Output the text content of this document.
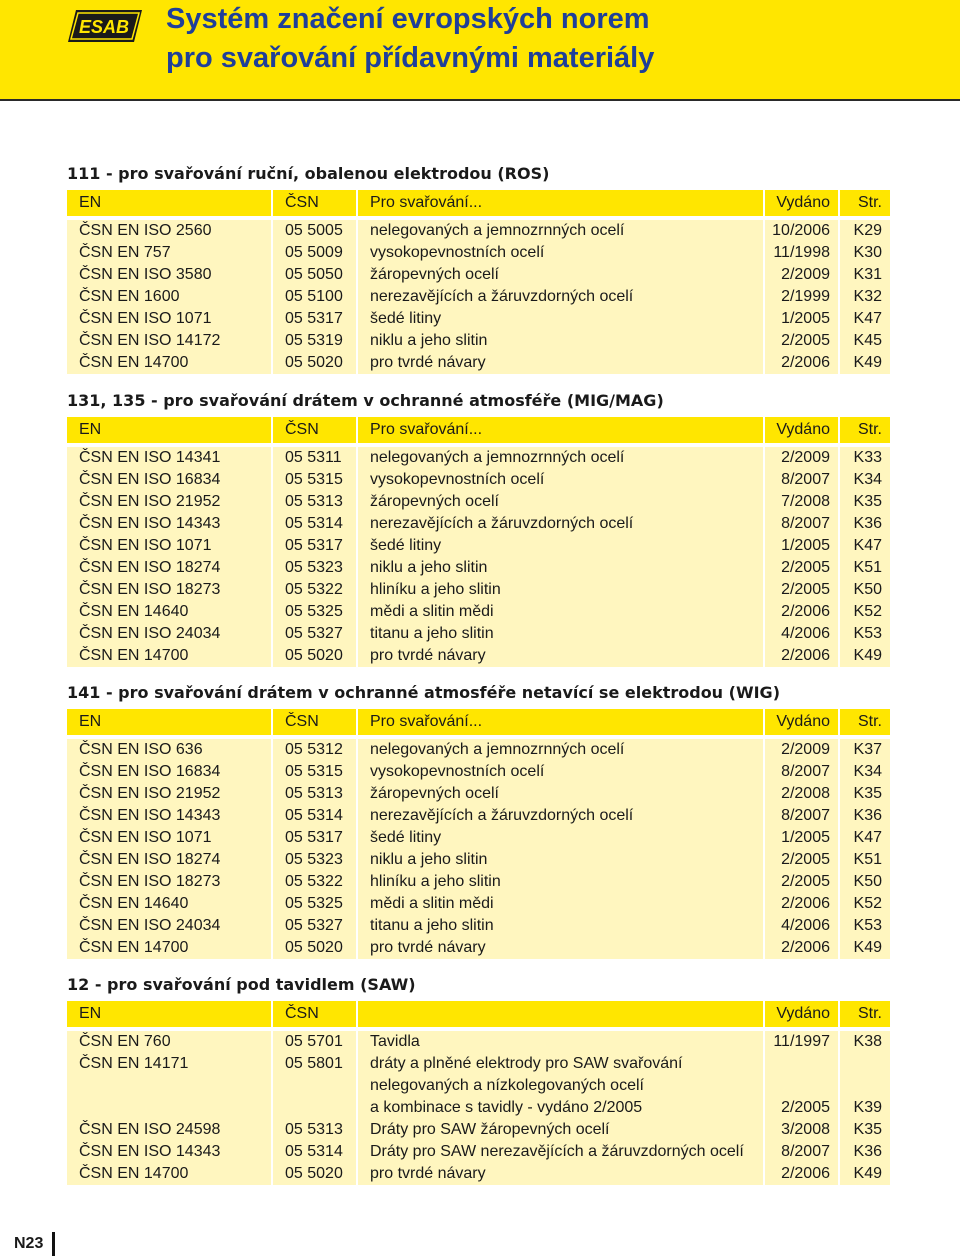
ESAB Systém značení evropských norem
pro svařování přídavnými materiály
111 - pro svařování ruční, obalenou elektrodou (ROS)
EN	ČSN	Pro svařování...	Vydáno	Str.

ČSN EN ISO 2560	05 5005	nelegovaných a jemnozrnných ocelí	10/2006	K29
ČSN EN 757	05 5009	vysokopevnostních ocelí	11/1998	K30
ČSN EN ISO 3580	05 5050	žáropevných ocelí	2/2009	K31
ČSN EN 1600	05 5100	nerezavějících a žáruvzdorných ocelí	2/1999	K32
ČSN EN ISO 1071	05 5317	šedé litiny	1/2005	K47
ČSN EN ISO 14172	05 5319	niklu a jeho slitin	2/2005	K45
ČSN EN 14700	05 5020	pro tvrdé návary	2/2006	K49
131, 135 - pro svařování drátem v ochranné atmosféře (MIG/MAG)
EN	ČSN	Pro svařování...	Vydáno	Str.

ČSN EN ISO 14341	05 5311	nelegovaných a jemnozrnných ocelí	2/2009	K33
ČSN EN ISO 16834	05 5315	vysokopevnostních ocelí	8/2007	K34
ČSN EN ISO 21952	05 5313	žáropevných ocelí	7/2008	K35
ČSN EN ISO 14343	05 5314	nerezavějících a žáruvzdorných ocelí	8/2007	K36
ČSN EN ISO 1071	05 5317	šedé litiny	1/2005	K47
ČSN EN ISO 18274	05 5323	niklu a jeho slitin	2/2005	K51
ČSN EN ISO 18273	05 5322	hliníku a jeho slitin	2/2005	K50
ČSN EN 14640	05 5325	mědi a slitin mědi	2/2006	K52
ČSN EN ISO 24034	05 5327	titanu a jeho slitin	4/2006	K53
ČSN EN 14700	05 5020	pro tvrdé návary	2/2006	K49
141 - pro svařování drátem v ochranné atmosféře netavící se elektrodou (WIG)
EN	ČSN	Pro svařování...	Vydáno	Str.

ČSN EN ISO 636	05 5312	nelegovaných a jemnozrnných ocelí	2/2009	K37
ČSN EN ISO 16834	05 5315	vysokopevnostních ocelí	8/2007	K34
ČSN EN ISO 21952	05 5313	žáropevných ocelí	2/2008	K35
ČSN EN ISO 14343	05 5314	nerezavějících a žáruvzdorných ocelí	8/2007	K36
ČSN EN ISO 1071	05 5317	šedé litiny	1/2005	K47
ČSN EN ISO 18274	05 5323	niklu a jeho slitin	2/2005	K51
ČSN EN ISO 18273	05 5322	hliníku a jeho slitin	2/2005	K50
ČSN EN 14640	05 5325	mědi a slitin mědi	2/2006	K52
ČSN EN ISO 24034	05 5327	titanu a jeho slitin	4/2006	K53
ČSN EN 14700	05 5020	pro tvrdé návary	2/2006	K49
12 - pro svařování pod tavidlem (SAW)
EN	ČSN		Vydáno	Str.

ČSN EN 760	05 5701	Tavidla	11/1997	K38
ČSN EN 14171	05 5801	dráty a plněné elektrody pro SAW svařování
nelegovaných a nízkolegovaných ocelí
a kombinace s tavidly - vydáno 2/2005	2/2005	K39
ČSN EN ISO 24598	05 5313	Dráty pro SAW žáropevných ocelí	3/2008	K35
ČSN EN ISO 14343	05 5314	Dráty pro SAW nerezavějících a žáruvzdorných ocelí	8/2007	K36
ČSN EN 14700	05 5020	pro tvrdé návary	2/2006	K49
N23
